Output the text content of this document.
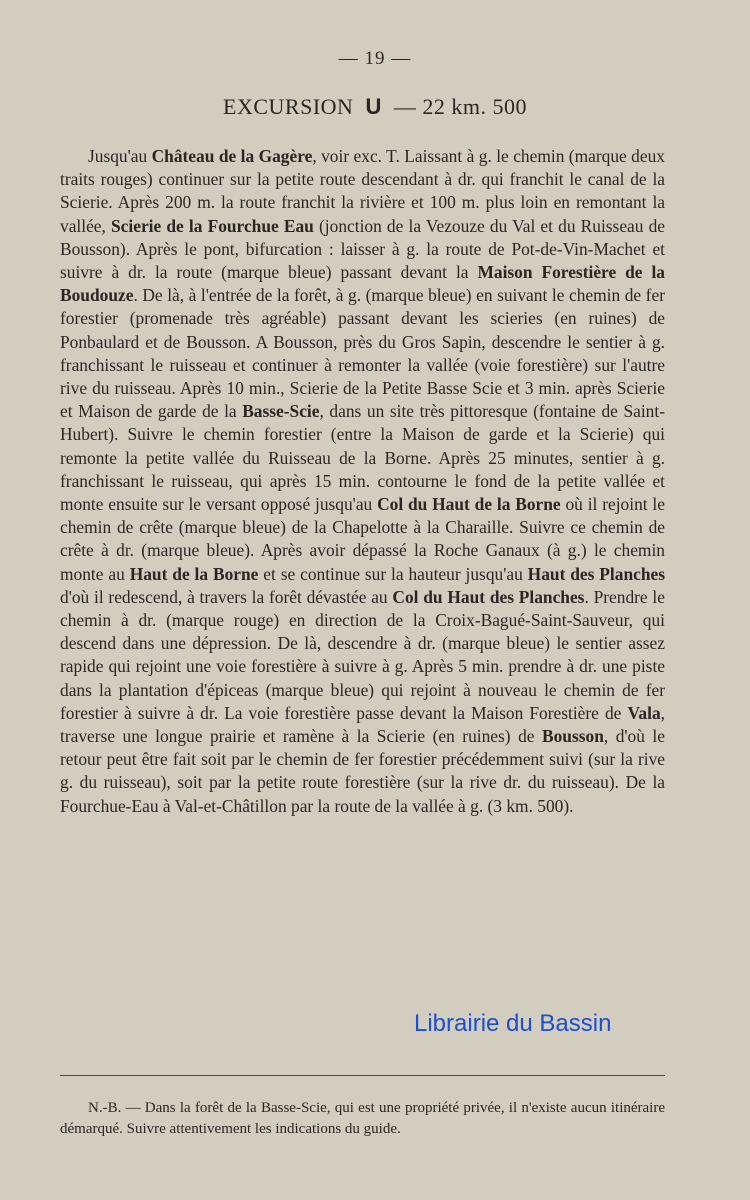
— 19 —
EXCURSION U — 22 km. 500

Jusqu'au Château de la Gagère, voir exc. T. Laissant à g. le chemin (marque deux traits rouges) continuer sur la petite route descendant à dr. qui franchit le canal de la Scierie. Après 200 m. la route franchit la rivière et 100 m. plus loin en remontant la vallée, Scierie de la Fourchue Eau (jonction de la Vezouze du Val et du Ruisseau de Bousson). Après le pont, bifurcation : laisser à g. la route de Pot-de-Vin-Machet et suivre à dr. la route (marque bleue) passant devant la Maison Forestière de la Boudouze. De là, à l'entrée de la forêt, à g. (marque bleue) en suivant le chemin de fer forestier (promenade très agréable) passant devant les scieries (en ruines) de Ponbaulard et de Bousson. A Bousson, près du Gros Sapin, descendre le sentier à g. franchissant le ruisseau et continuer à remonter la vallée (voie forestière) sur l'autre rive du ruisseau. Après 10 min., Scierie de la Petite Basse Scie et 3 min. après Scierie et Maison de garde de la Basse-Scie, dans un site très pittoresque (fontaine de Saint-Hubert). Suivre le chemin forestier (entre la Maison de garde et la Scierie) qui remonte la petite vallée du Ruisseau de la Borne. Après 25 minutes, sentier à g. franchissant le ruisseau, qui après 15 min. contourne le fond de la petite vallée et monte ensuite sur le versant opposé jusqu'au Col du Haut de la Borne où il rejoint le chemin de crête (marque bleue) de la Chapelotte à la Charaille. Suivre ce chemin de crête à dr. (marque bleue). Après avoir dépassé la Roche Ganaux (à g.) le chemin monte au Haut de la Borne et se continue sur la hauteur jusqu'au Haut des Planches d'où il redescend, à travers la forêt dévastée au Col du Haut des Planches. Prendre le chemin à dr. (marque rouge) en direction de la Croix-Bagué-Saint-Sauveur, qui descend dans une dépression. De là, descendre à dr. (marque bleue) le sentier assez rapide qui rejoint une voie forestière à suivre à g. Après 5 min. prendre à dr. une piste dans la plantation d'épiceas (marque bleue) qui rejoint à nouveau le chemin de fer forestier à suivre à dr. La voie forestière passe devant la Maison Forestière de Vala, traverse une longue prairie et ramène à la Scierie (en ruines) de Bousson, d'où le retour peut être fait soit par le chemin de fer forestier précédemment suivi (sur la rive g. du ruisseau), soit par la petite route forestière (sur la rive dr. du ruisseau). De la Fourchue-Eau à Val-et-Châtillon par la route de la vallée à g. (3 km. 500).

Librairie du Bassin

N.-B. — Dans la forêt de la Basse-Scie, qui est une propriété privée, il n'existe aucun itinéraire démarqué. Suivre attentivement les indications du guide.
